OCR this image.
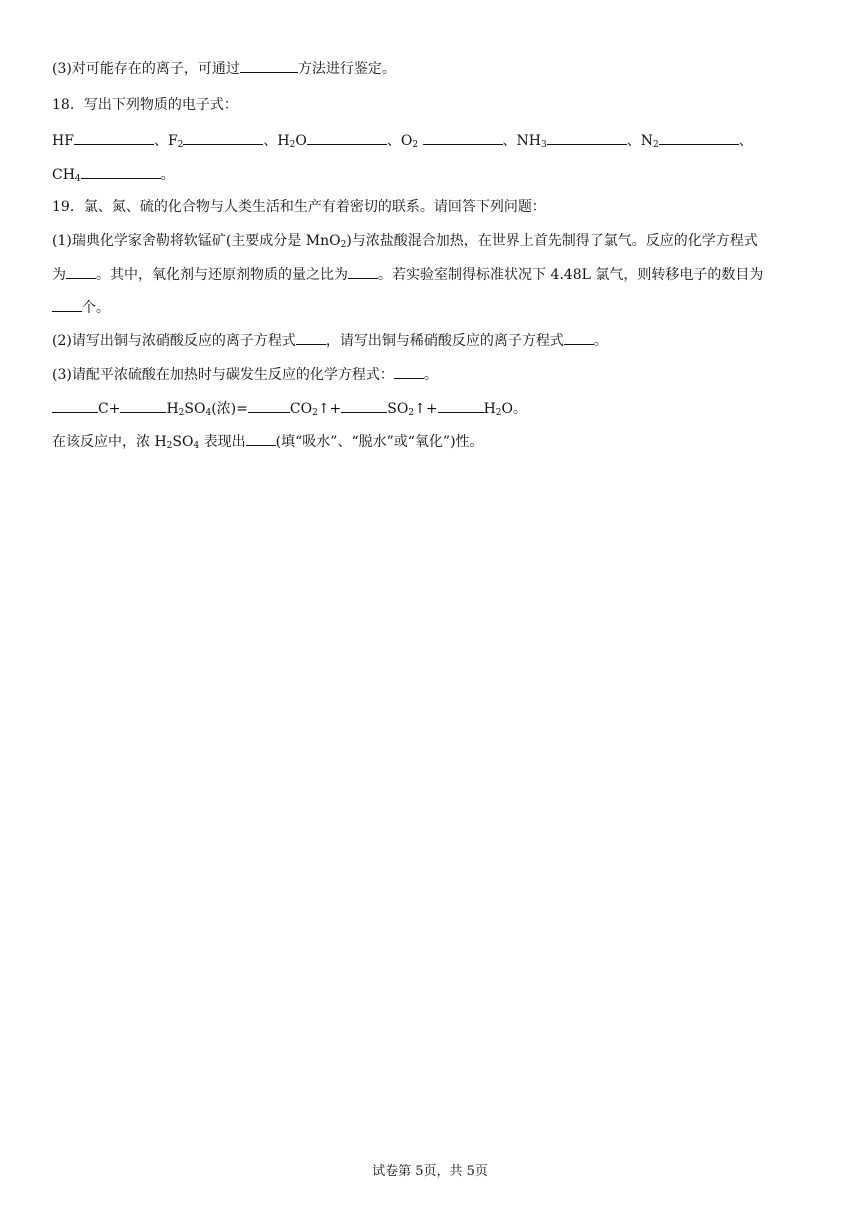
(3)对可能存在的离子，可通过	方法进行鉴定。
18．写出下列物质的电子式：
HF	、$F_2$	、$H_2O$	、$O_2$	、$NH_3$	、$N_2$	、
$CH_4$	。
19．氯、氮、硫的化合物与人类生活和生产有着密切的联系。请回答下列问题：
(1)瑞典化学家舍勒将软锰矿(主要成分是 MnO$_2$)与浓盐酸混合加热，在世界上首先制得了氯气。反应的化学方程式
为 。其中，氧化剂与还原剂物质的量之比为 。若实验室制得标准状况下 4.48L 氯气，则转移电子的数目为
个。
(2)请写出铜与浓硝酸反应的离子方程式 ，请写出铜与稀硝酸反应的离子方程式 。
(3)请配平浓硫酸在加热时与碳发生反应的化学方程式： 。
C+	$H_2SO_4$(浓)=	$CO_2↑+$	$SO_2↑+$	$H_2O$。
在该反应中，浓 $H_2SO_4$ 表现出 (填“吸水”、“脱水”或“氧化”)性。
试卷第 5页，共 5页
